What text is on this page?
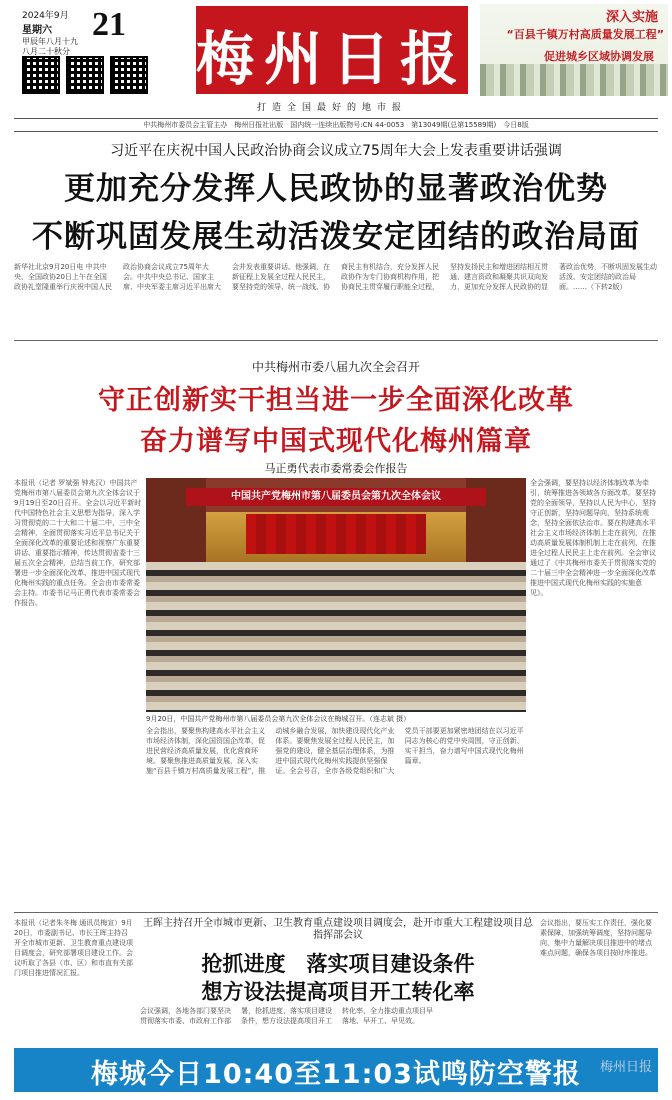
2024年9月
星期六 21
甲辰年八月十九
八月二十秋分 梅州日报
打造全国最好的地市报
深入实施
“百县千镇万村高质量发展工程”
促进城乡区域协调发展
中共梅州市委员会主管主办　梅州日报社出版　国内统一连续出版物号:CN 44-0053　第13049期(总第15589期)　今日8版
习近平在庆祝中国人民政治协商会议成立75周年大会上发表重要讲话强调
更加充分发挥人民政协的显著政治优势
不断巩固发展生动活泼安定团结的政治局面
新华社北京9月20日电 中共中央、全国政协20日上午在全国政协礼堂隆重举行庆祝中国人民政治协商会议成立75周年大会。中共中央总书记、国家主席、中央军委主席习近平出席大会并发表重要讲话。他强调，在新征程上发展全过程人民民主，要坚持党的领导、统一战线、协商民主有机结合，充分发挥人民政协作为专门协商机构作用，把协商民主贯穿履行职能全过程，坚持发扬民主和增进团结相互贯通、建言资政和凝聚共识双向发力，更加充分发挥人民政协的显著政治优势，不断巩固发展生动活泼、安定团结的政治局面。……（下转2版）
中共梅州市委八届九次全会召开
守正创新实干担当进一步全面深化改革
奋力谱写中国式现代化梅州篇章
马正勇代表市委常委会作报告
本报讯（记者 罗斌强 钟兆汉）中国共产党梅州市第八届委员会第九次全体会议于9月19日至20日召开。全会以习近平新时代中国特色社会主义思想为指导，深入学习贯彻党的二十大和二十届二中、三中全会精神，全面贯彻落实习近平总书记关于全面深化改革的重要论述和视察广东重要讲话、重要指示精神，传达贯彻省委十三届五次全会精神，总结当前工作，研究部署进一步全面深化改革、推进中国式现代化梅州实践的重点任务。全会由市委常委会主持。市委书记马正勇代表市委常委会作报告。
中国共产党梅州市第八届委员会第九次全体会议
9月20日，中国共产党梅州市第八届委员会第九次全体会议在梅城召开。（连志斌 摄）
全会指出，要聚焦构建高水平社会主义市场经济体制，深化国资国企改革，促进民营经济高质量发展，优化营商环境。要聚焦推进高质量发展，深入实施“百县千镇万村高质量发展工程”，推动城乡融合发展，加快建设现代化产业体系。要聚焦发展全过程人民民主，加强党的建设，健全基层治理体系，为推进中国式现代化梅州实践提供坚强保证。全会号召，全市各级党组织和广大党员干部要更加紧密地团结在以习近平同志为核心的党中央周围，守正创新、实干担当，奋力谱写中国式现代化梅州篇章。
全会强调，要坚持以经济体制改革为牵引，统筹推进各领域各方面改革。要坚持党的全面领导，坚持以人民为中心，坚持守正创新，坚持问题导向，坚持系统观念，坚持全面依法治市。要在构建高水平社会主义市场经济体制上走在前列，在推动高质量发展体制机制上走在前列，在推进全过程人民民主上走在前列。全会审议通过了《中共梅州市委关于贯彻落实党的二十届三中全会精神进一步全面深化改革推进中国式现代化梅州实践的实施意见》。
本报讯（记者朱冬梅 通讯员梅宣）9月20日，市委副书记、市长王晖主持召开全市城市更新、卫生教育重点建设项目调度会，研究部署项目建设工作。会议听取了各县（市、区）和市直有关部门项目推进情况汇报。
王晖主持召开全市城市更新、卫生教育重点建设项目调度会，赴开市重大工程建设项目总指挥部会议
抢抓进度　落实项目建设条件
想方设法提高项目开工转化率
会议强调，各地各部门要坚决贯彻落实市委、市政府工作部署，抢抓进度，落实项目建设条件，想方设法提高项目开工转化率，全力推动重点项目早落地、早开工、早见效。
会议指出，要压实工作责任，强化要素保障，加强统筹调度，坚持问题导向，集中力量解决项目推进中的堵点难点问题，确保各项目按时序推进。
梅城今日10:40至11:03试鸣防空警报	梅州日报
